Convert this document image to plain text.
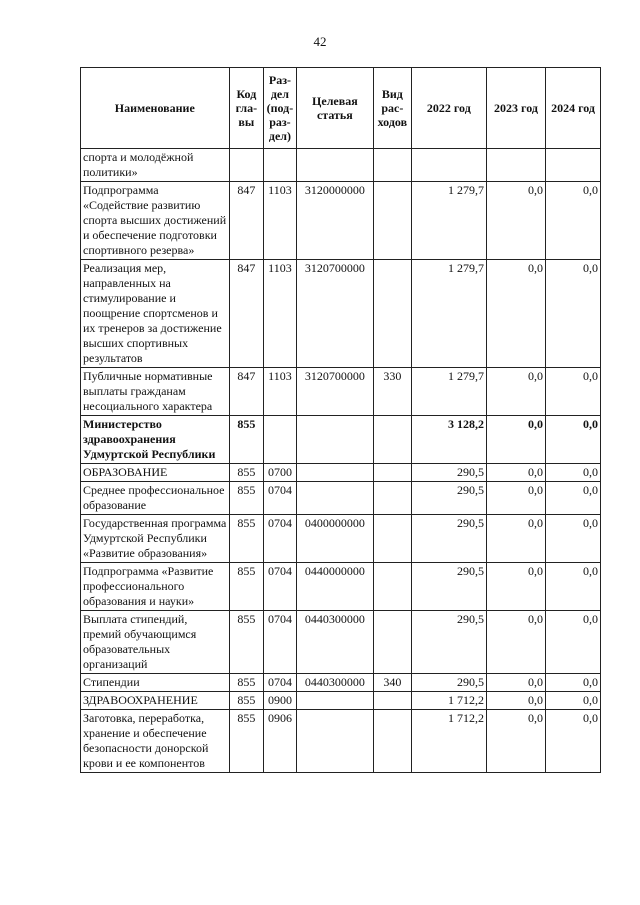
42
Наименование	Код гла- вы	Раз- дел (под- раз- дел)	Целевая статья	Вид рас- ходов	2022 год	2023 год	2024 год
спорта и молодёжной политики»							
Подпрограмма «Содействие развитию спорта высших достижений и обеспечение подготовки спортивного резерва»	847	1103	3120000000		1 279,7	0,0	0,0
Реализация мер, направленных на стимулирование и поощрение спортсменов и их тренеров за достижение высших спортивных результатов	847	1103	3120700000		1 279,7	0,0	0,0
Публичные нормативные выплаты гражданам несоциального характера	847	1103	3120700000	330	1 279,7	0,0	0,0
Министерство здравоохранения Удмуртской Республики	855				3 128,2	0,0	0,0
ОБРАЗОВАНИЕ	855	0700			290,5	0,0	0,0
Среднее профессиональное образование	855	0704			290,5	0,0	0,0
Государственная программа Удмуртской Республики «Развитие образования»	855	0704	0400000000		290,5	0,0	0,0
Подпрограмма «Развитие профессионального образования и науки»	855	0704	0440000000		290,5	0,0	0,0
Выплата стипендий, премий обучающимся образовательных организаций	855	0704	0440300000		290,5	0,0	0,0
Стипендии	855	0704	0440300000	340	290,5	0,0	0,0
ЗДРАВООХРАНЕНИЕ	855	0900			1 712,2	0,0	0,0
Заготовка, переработка, хранение и обеспечение безопасности донорской крови и ее компонентов	855	0906			1 712,2	0,0	0,0
